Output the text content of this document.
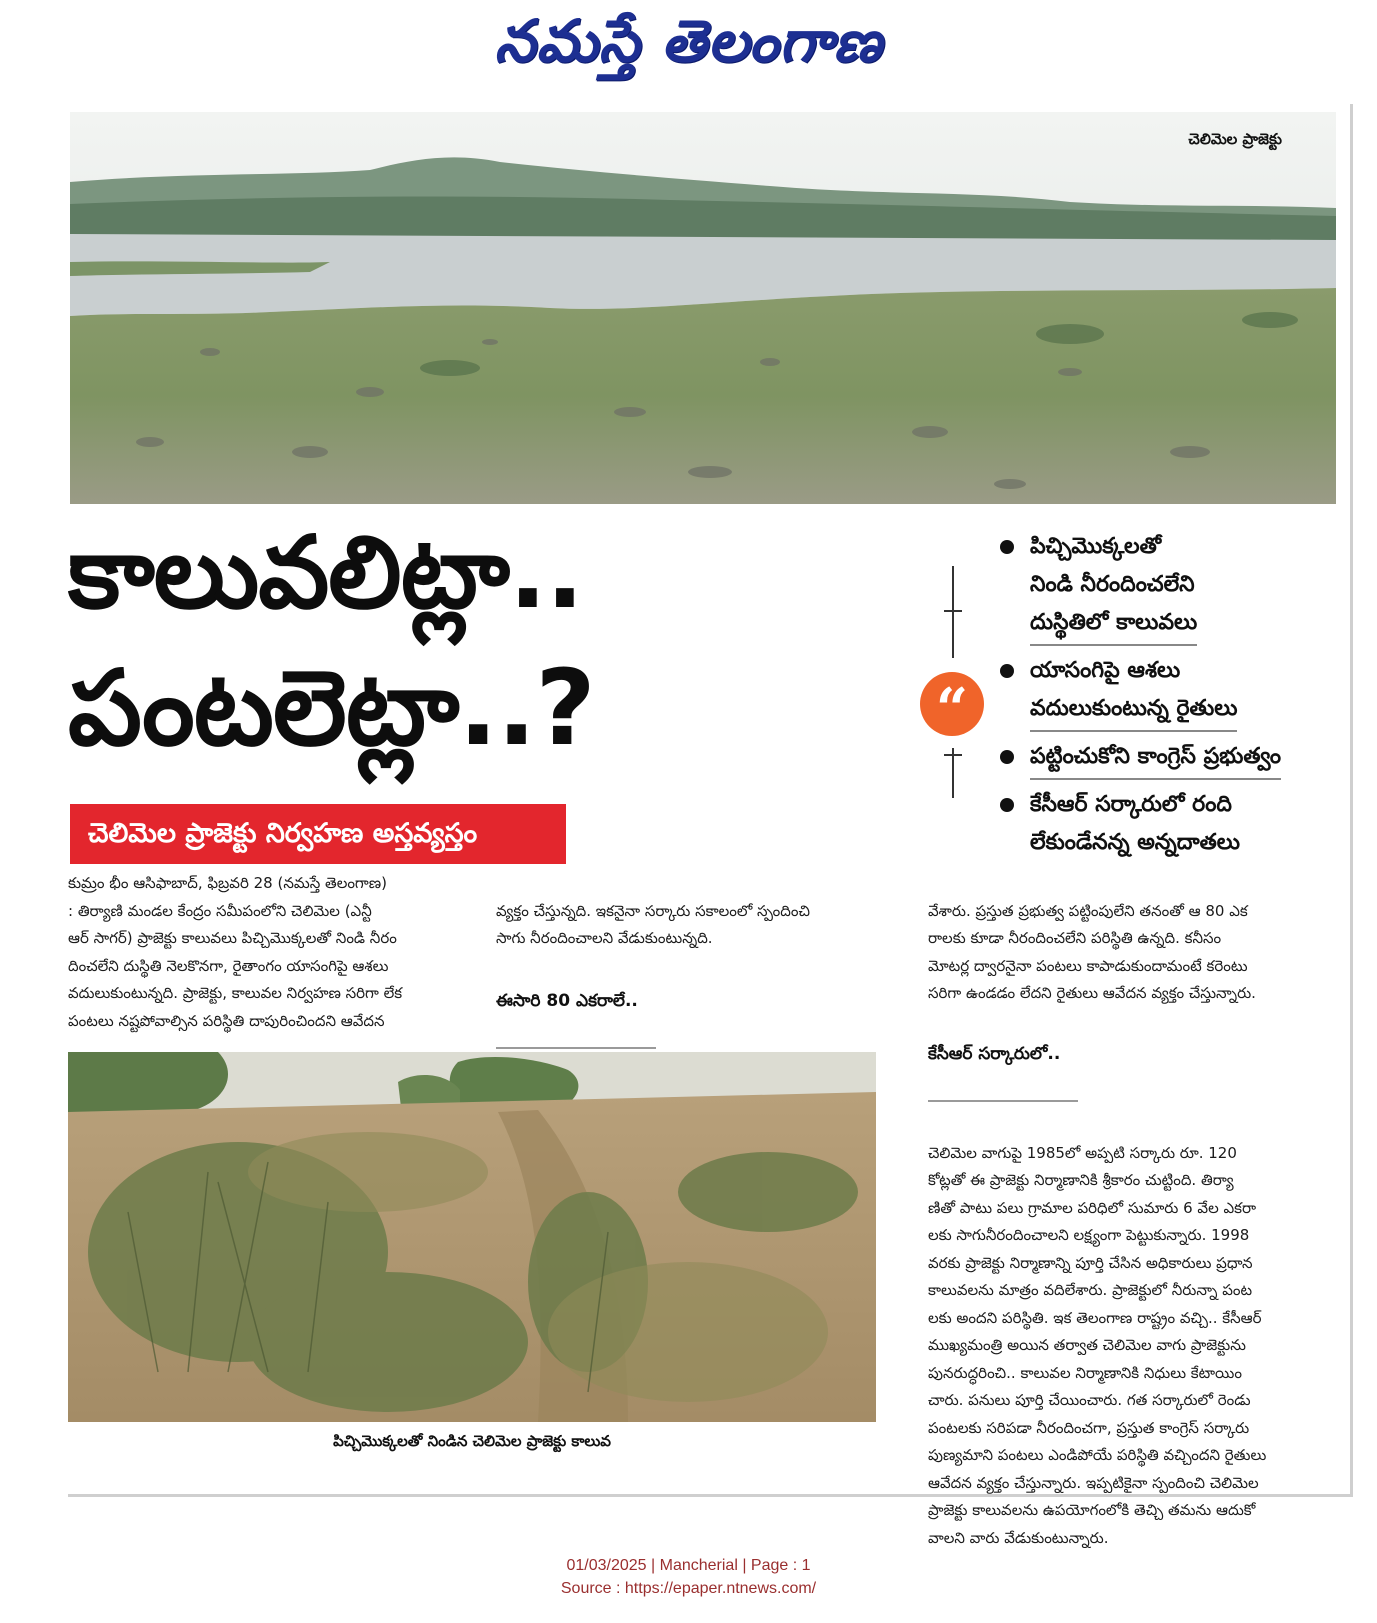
నమస్తే తెలంగాణ
చెలిమెల ప్రాజెక్టు
కాలువలిట్లా..
పంటలెట్లా..?
చెలిమెల ప్రాజెక్టు నిర్వహణ అస్తవ్యస్తం
“
పిచ్చిమొక్కలతో
నిండి నీరందించలేని
దుస్థితిలో కాలువలు
యాసంగిపై ఆశలు
వదులుకుంటున్న రైతులు
పట్టించుకోని కాంగ్రెస్ ప్రభుత్వం
కేసీఆర్ సర్కారులో రంది
లేకుండేనన్న అన్నదాతలు
కుమ్రం భీం ఆసిఫాబాద్, ఫిబ్రవరి 28 (నమస్తే తెలంగాణ)
: తిర్యాణి మండల కేంద్రం సమీపంలోని చెలిమెల (ఎన్టీ
ఆర్ సాగర్) ప్రాజెక్టు కాలువలు పిచ్చిమొక్కలతో నిండి నీరం
దించలేని దుస్థితి నెలకొనగా, రైతాంగం యాసంగిపై ఆశలు
వదులుకుంటున్నది. ప్రాజెక్టు, కాలువల నిర్వహణ సరిగా లేక
పంటలు నష్టపోవాల్సిన పరిస్థితి దాపురించిందని ఆవేదన

వ్యక్తం చేస్తున్నది. ఇకనైనా సర్కారు సకాలంలో స్పందించి
సాగు నీరందించాలని వేడుకుంటున్నది.

ఈసారి 80 ఎకరాలే..

వేశారు. ప్రస్తుత ప్రభుత్వ పట్టింపులేని తనంతో ఆ 80 ఎక
రాలకు కూడా నీరందించలేని పరిస్థితి ఉన్నది. కనీసం
మోటర్ల ద్వారనైనా పంటలు కాపాడుకుందామంటే కరెంటు
సరిగా ఉండడం లేదని రైతులు ఆవేదన వ్యక్తం చేస్తున్నారు.

కేసీఆర్ సర్కారులో..

చెలిమెల వాగుపై 1985లో అప్పటి సర్కారు రూ. 120
కోట్లతో ఈ ప్రాజెక్టు నిర్మాణానికి శ్రీకారం చుట్టింది. తిర్యా
ణితో పాటు పలు గ్రామాల పరిధిలో సుమారు 6 వేల ఎకరా
లకు సాగునీరందించాలని లక్ష్యంగా పెట్టుకున్నారు. 1998
వరకు ప్రాజెక్టు నిర్మాణాన్ని పూర్తి చేసిన అధికారులు ప్రధాన
కాలువలను మాత్రం వదిలేశారు. ప్రాజెక్టులో నీరున్నా పంట
లకు అందని పరిస్థితి. ఇక తెలంగాణ రాష్ట్రం వచ్చి.. కేసీఆర్
ముఖ్యమంత్రి అయిన తర్వాత చెలిమెల వాగు ప్రాజెక్టును
పునరుద్ధరించి.. కాలువల నిర్మాణానికి నిధులు కేటాయిం
చారు. పనులు పూర్తి చేయించారు. గత సర్కారులో రెండు
పంటలకు సరిపడా నీరందించగా, ప్రస్తుత కాంగ్రెస్ సర్కారు
పుణ్యమాని పంటలు ఎండిపోయే పరిస్థితి వచ్చిందని రైతులు
ఆవేదన వ్యక్తం చేస్తున్నారు. ఇప్పటికైనా స్పందించి చెలిమెల
ప్రాజెక్టు కాలువలను ఉపయోగంలోకి తెచ్చి తమను ఆదుకో
వాలని వారు వేడుకుంటున్నారు.

పిచ్చిమొక్కలతో నిండిన చెలిమెల ప్రాజెక్టు కాలువ
01/03/2025 | Mancherial | Page : 1
Source : https://epaper.ntnews.com/
